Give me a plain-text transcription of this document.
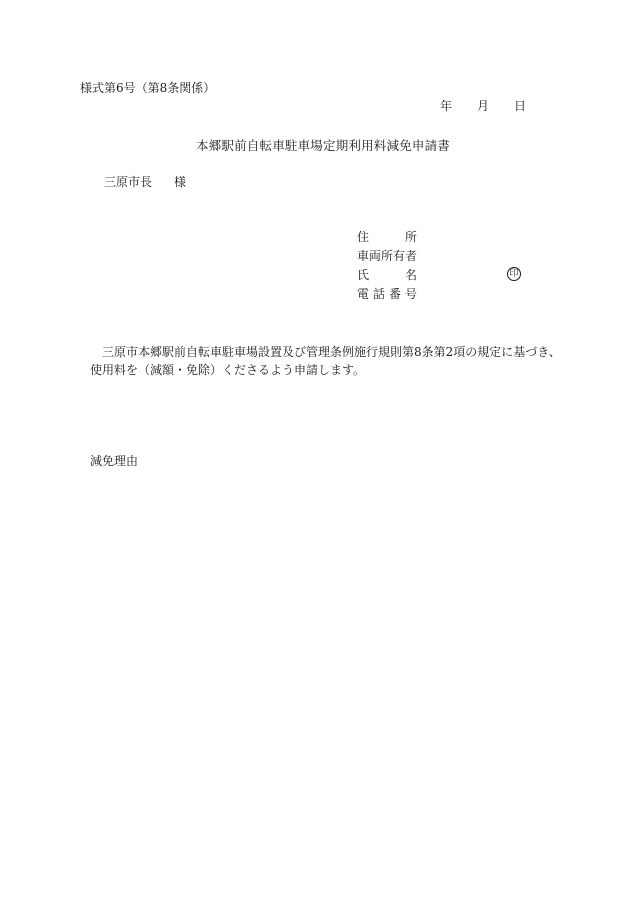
様式第6号（第8条関係）
年	月	日
本郷駅前自転車駐車場定期利用料減免申請書
三原市長 様
住	所
車両所有者
氏	名
電 話 番 号
印
三原市本郷駅前自転車駐車場設置及び管理条例施行規則第8条第2項の規定に基づき、
使用料を（減額・免除）くださるよう申請します。
減免理由
